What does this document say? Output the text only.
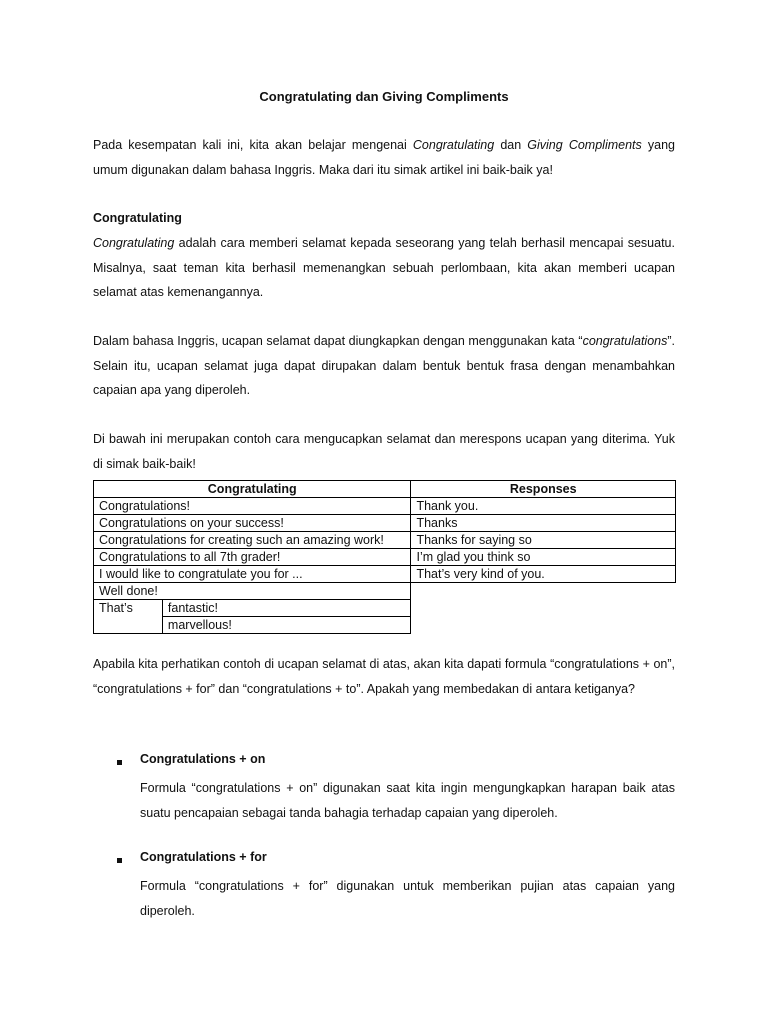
Congratulating dan Giving Compliments

Pada kesempatan kali ini, kita akan belajar mengenai Congratulating dan Giving Compliments yang umum digunakan dalam bahasa Inggris. Maka dari itu simak artikel ini baik-baik ya!

Congratulating

Congratulating adalah cara memberi selamat kepada seseorang yang telah berhasil mencapai sesuatu. Misalnya, saat teman kita berhasil memenangkan sebuah perlombaan, kita akan memberi ucapan selamat atas kemenangannya.

Dalam bahasa Inggris, ucapan selamat dapat diungkapkan dengan menggunakan kata “congratulations”. Selain itu, ucapan selamat juga dapat dirupakan dalam bentuk bentuk frasa dengan menambahkan capaian apa yang diperoleh.

Di bawah ini merupakan contoh cara mengucapkan selamat dan merespons ucapan yang diterima. Yuk di simak baik-baik!

Congratulating		Responses
Congratulations!		Thank you.
Congratulations on your success!		Thanks
Congratulations for creating such an amazing work!		Thanks for saying so
Congratulations to all 7th grader!		I’m glad you think so
I would like to congratulate you for ...		That’s very kind of you.
Well done!		
That’s	fantastic!	
	marvellous!	

Apabila kita perhatikan contoh di ucapan selamat di atas, akan kita dapati formula “congratulations + on”, “congratulations + for” dan “congratulations + to”. Apakah yang membedakan di antara ketiganya?

Congratulations + on

Formula “congratulations + on” digunakan saat kita ingin mengungkapkan harapan baik atas suatu pencapaian sebagai tanda bahagia terhadap capaian yang diperoleh.

Congratulations + for

Formula “congratulations + for” digunakan untuk memberikan pujian atas capaian yang diperoleh.
